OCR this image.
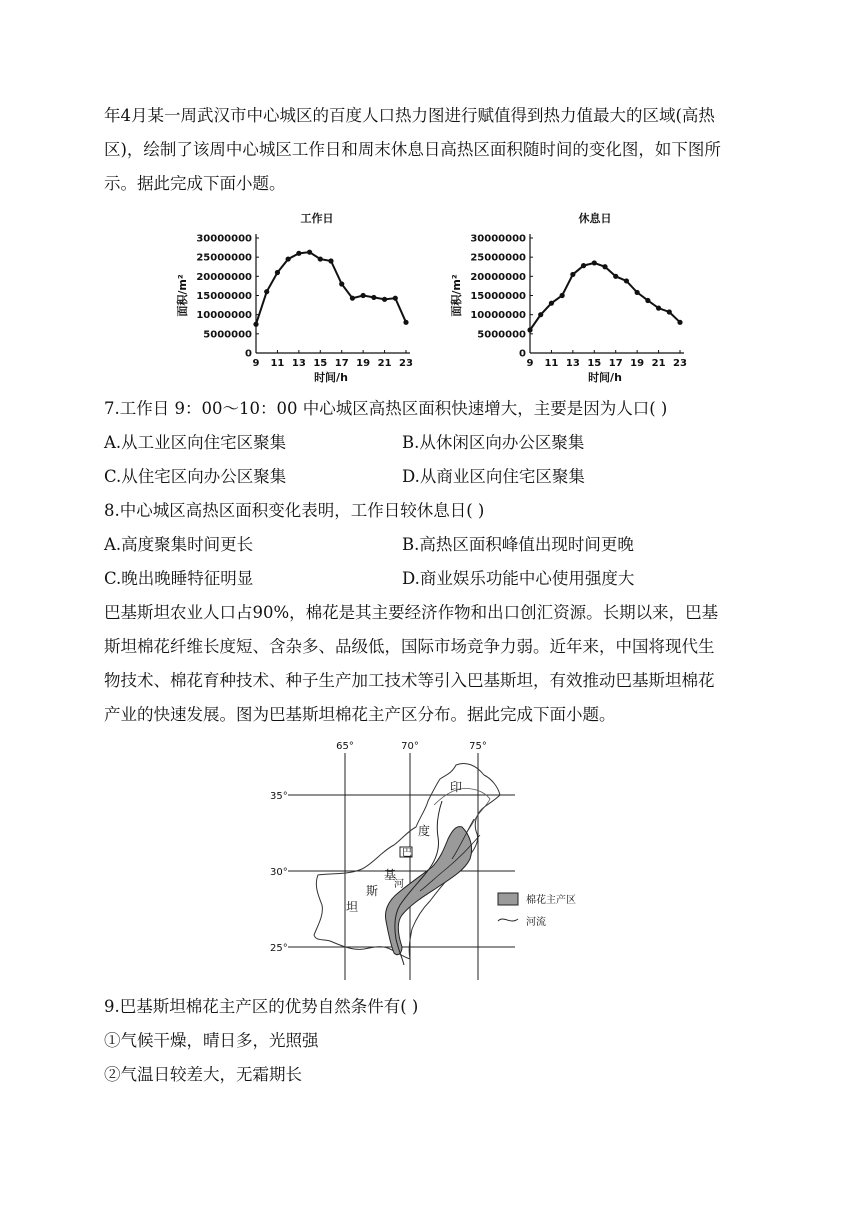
年4月某一周武汉市中心城区的百度人口热力图进行赋值得到热力值最大的区域(高热
区)，绘制了该周中心城区工作日和周末休息日高热区面积随时间的变化图，如下图所
示。据此完成下面小题。
工作日
0
5000000
10000000
15000000
20000000
25000000
30000000
9 11 13 15 17 19 21 23
时间/h
面积/m²
休息日
0
5000000
10000000
15000000
20000000
25000000
30000000
9 11 13 15 17 19 21 23
时间/h
面积/m²
7.工作日 9：00～10：00 中心城区高热区面积快速增大，主要是因为人口( )
A.从工业区向住宅区聚集	B.从休闲区向办公区聚集
C.从住宅区向办公区聚集	D.从商业区向住宅区聚集
8.中心城区高热区面积变化表明，工作日较休息日( )
A.高度聚集时间更长	B.高热区面积峰值出现时间更晚
C.晚出晚睡特征明显	D.商业娱乐功能中心使用强度大
巴基斯坦农业人口占90%，棉花是其主要经济作物和出口创汇资源。长期以来，巴基
斯坦棉花纤维长度短、含杂多、品级低，国际市场竞争力弱。近年来，中国将现代生
物技术、棉花育种技术、种子生产加工技术等引入巴基斯坦，有效推动巴基斯坦棉花
产业的快速发展。图为巴基斯坦棉花主产区分布。据此完成下面小题。
65°	70°	75°
35°
30°
25°
印
度
河
巴
基
斯
坦	棉花主产区
河流
9.巴基斯坦棉花主产区的优势自然条件有( )
①气候干燥，晴日多，光照强
②气温日较差大，无霜期长
